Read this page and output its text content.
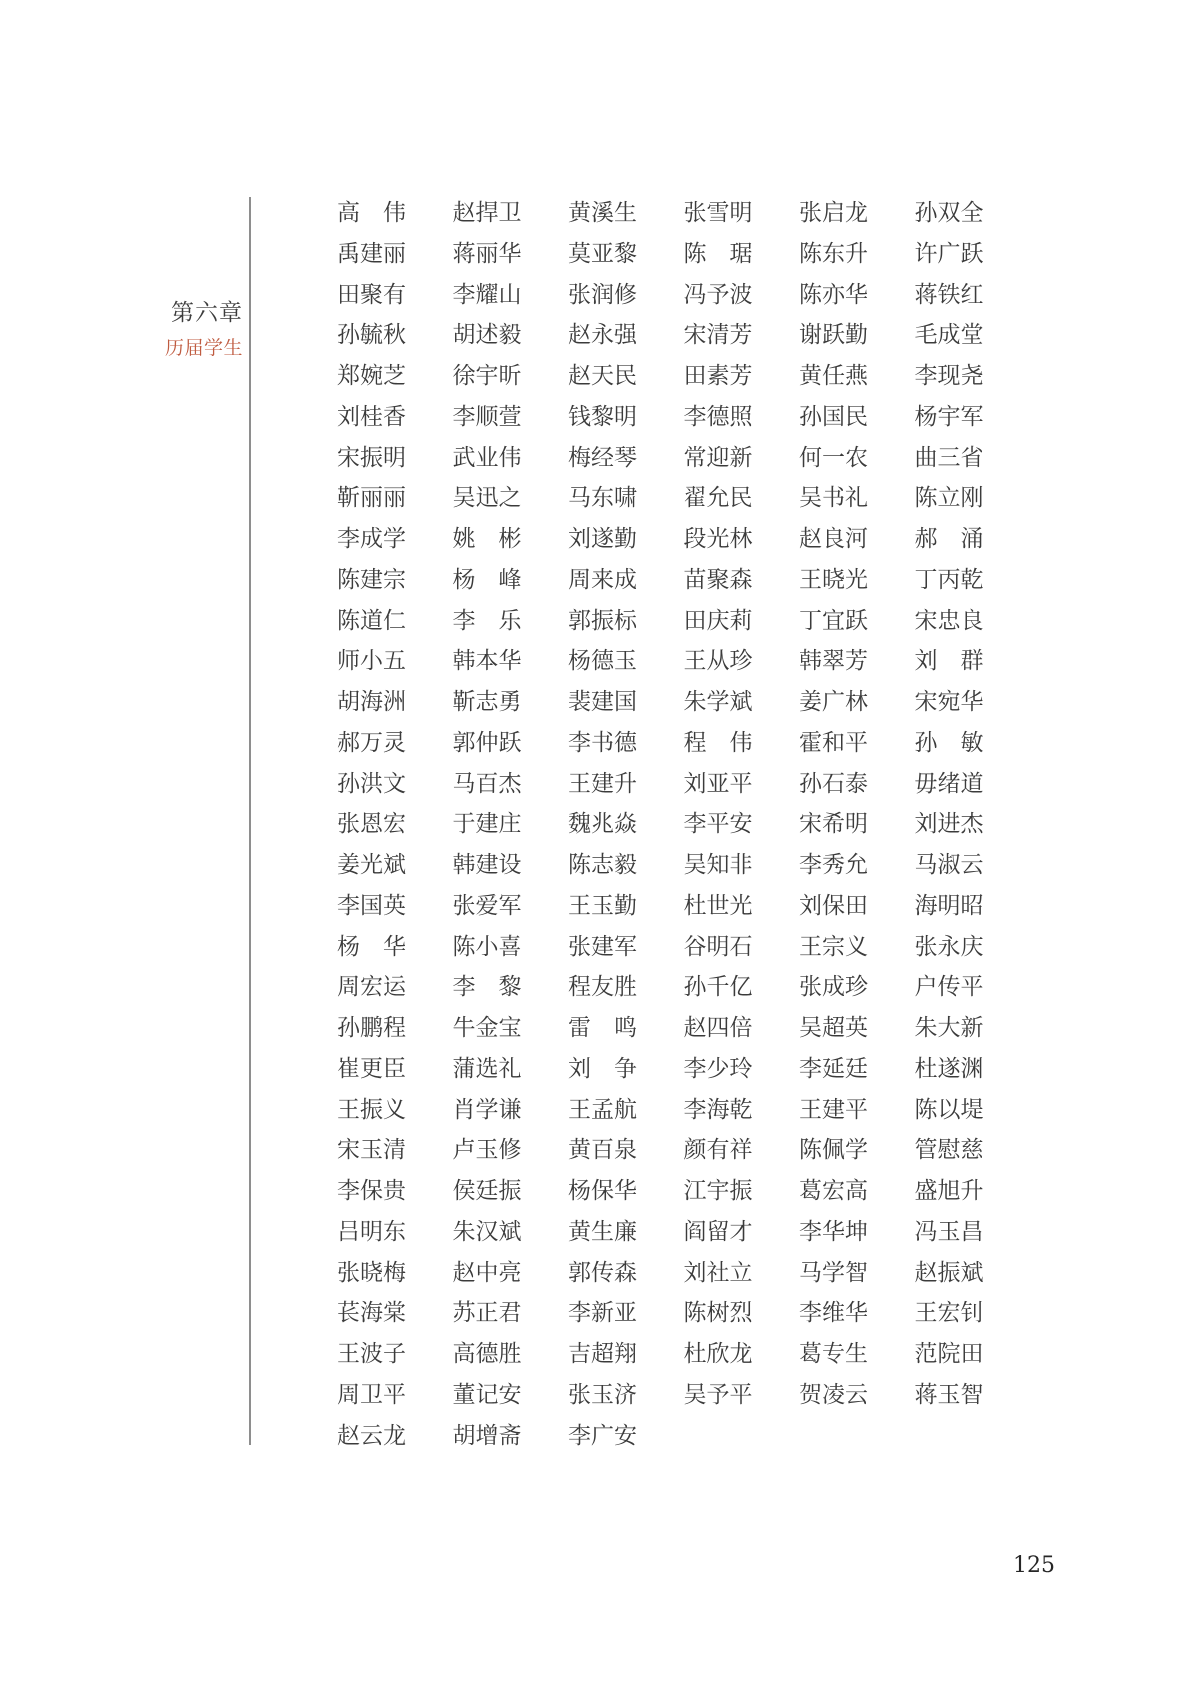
第六章
历届学生
高　伟 赵捍卫 黄溪生 张雪明 张启龙 孙双全
禹建丽 蒋丽华 莫亚黎 陈　琚 陈东升 许广跃
田聚有 李耀山 张润修 冯予波 陈亦华 蒋铁红
孙毓秋 胡述毅 赵永强 宋清芳 谢跃勤 毛成堂
郑婉芝 徐宇昕 赵天民 田素芳 黄任燕 李现尧
刘桂香 李顺萱 钱黎明 李德照 孙国民 杨宇军
宋振明 武业伟 梅经琴 常迎新 何一农 曲三省
靳丽丽 吴迅之 马东啸 翟允民 吴书礼 陈立刚
李成学 姚　彬 刘遂勤 段光林 赵良河 郝　涌
陈建宗 杨　峰 周来成 苗聚森 王晓光 丁丙乾
陈道仁 李　乐 郭振标 田庆莉 丁宜跃 宋忠良
师小五 韩本华 杨德玉 王从珍 韩翠芳 刘　群
胡海洲 靳志勇 裴建国 朱学斌 姜广林 宋宛华
郝万灵 郭仲跃 李书德 程　伟 霍和平 孙　敏
孙洪文 马百杰 王建升 刘亚平 孙石泰 毋绪道
张恩宏 于建庄 魏兆焱 李平安 宋希明 刘进杰
姜光斌 韩建设 陈志毅 吴知非 李秀允 马淑云
李国英 张爱军 王玉勤 杜世光 刘保田 海明昭
杨　华 陈小喜 张建军 谷明石 王宗义 张永庆
周宏运 李　黎 程友胜 孙千亿 张成珍 户传平
孙鹏程 牛金宝 雷　鸣 赵四倍 吴超英 朱大新
崔更臣 蒲选礼 刘　争 李少玲 李延廷 杜遂渊
王振义 肖学谦 王孟航 李海乾 王建平 陈以堤
宋玉清 卢玉修 黄百泉 颜有祥 陈佩学 管慰慈
李保贵 侯廷振 杨保华 江宇振 葛宏高 盛旭升
吕明东 朱汉斌 黄生廉 阎留才 李华坤 冯玉昌
张晓梅 赵中亮 郭传森 刘社立 马学智 赵振斌
苌海棠 苏正君 李新亚 陈树烈 李维华 王宏钊
王波子 高德胜 吉超翔 杜欣龙 葛专生 范院田
周卫平 董记安 张玉济 吴予平 贺凌云 蒋玉智
赵云龙 胡增斋 李广安
125
